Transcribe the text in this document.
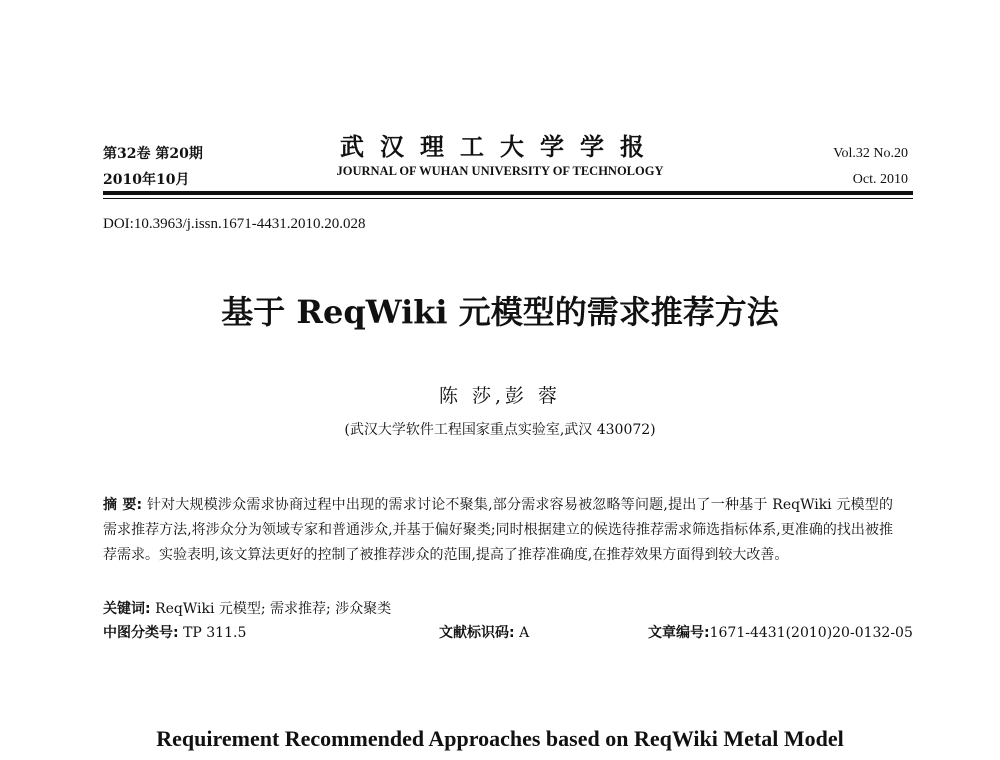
第32卷 第20期
2010年10月
武汉理工大学学报
JOURNAL OF WUHAN UNIVERSITY OF TECHNOLOGY
Vol.32 No.20
Oct. 2010
DOI:10.3963/j.issn.1671-4431.2010.20.028
基于 ReqWiki 元模型的需求推荐方法
陈 莎,彭 蓉
(武汉大学软件工程国家重点实验室,武汉 430072)
摘 要: 针对大规模涉众需求协商过程中出现的需求讨论不聚集,部分需求容易被忽略等问题,提出了一种基于 ReqWiki 元模型的需求推荐方法,将涉众分为领域专家和普通涉众,并基于偏好聚类;同时根据建立的候选待推荐需求筛选指标体系,更准确的找出被推荐需求。实验表明,该文算法更好的控制了被推荐涉众的范围,提高了推荐准确度,在推荐效果方面得到较大改善。
关键词: ReqWiki 元模型; 需求推荐; 涉众聚类
中图分类号: TP 311.5	文献标识码: A	文章编号:1671-4431(2010)20-0132-05
Requirement Recommended Approaches based on ReqWiki Metal Model
